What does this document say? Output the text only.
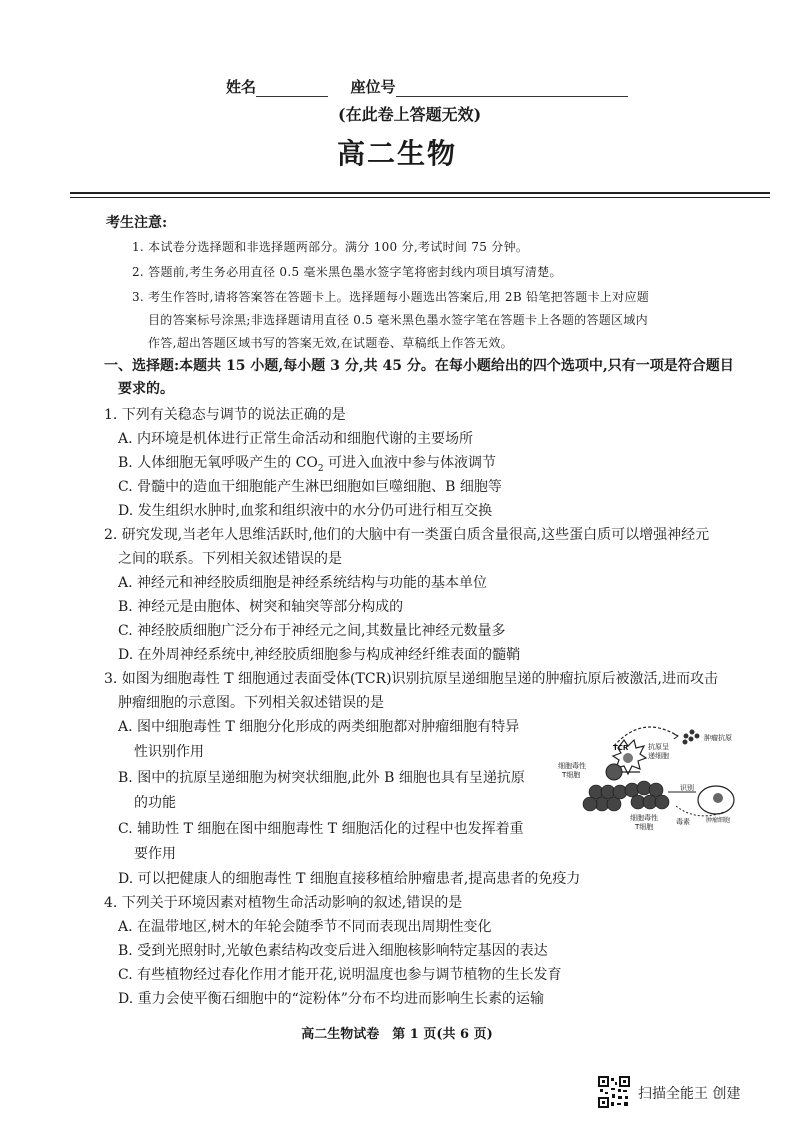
姓名	座位号
(在此卷上答题无效)
高二生物
考生注意:
1. 本试卷分选择题和非选择题两部分。满分 100 分,考试时间 75 分钟。
2. 答题前,考生务必用直径 0.5 毫米黑色墨水签字笔将密封线内项目填写清楚。
3. 考生作答时,请将答案答在答题卡上。选择题每小题选出答案后,用 2B 铅笔把答题卡上对应题
目的答案标号涂黑;非选择题请用直径 0.5 毫米黑色墨水签字笔在答题卡上各题的答题区域内
作答,超出答题区域书写的答案无效,在试题卷、草稿纸上作答无效。
一、选择题:本题共 15 小题,每小题 3 分,共 45 分。在每小题给出的四个选项中,只有一项是符合题目
要求的。
1. 下列有关稳态与调节的说法正确的是
A. 内环境是机体进行正常生命活动和细胞代谢的主要场所
B. 人体细胞无氧呼吸产生的 $CO_2$ 可进入血液中参与体液调节
C. 骨髓中的造血干细胞能产生淋巴细胞如巨噬细胞、B 细胞等
D. 发生组织水肿时,血浆和组织液中的水分仍可进行相互交换
2. 研究发现,当老年人思维活跃时,他们的大脑中有一类蛋白质含量很高,这些蛋白质可以增强神经元
之间的联系。下列相关叙述错误的是
A. 神经元和神经胶质细胞是神经系统结构与功能的基本单位
B. 神经元是由胞体、树突和轴突等部分构成的
C. 神经胶质细胞广泛分布于神经元之间,其数量比神经元数量多
D. 在外周神经系统中,神经胶质细胞参与构成神经纤维表面的髓鞘
3. 如图为细胞毒性 T 细胞通过表面受体(TCR)识别抗原呈递细胞呈递的肿瘤抗原后被激活,进而攻击
肿瘤细胞的示意图。下列相关叙述错误的是
A. 图中细胞毒性 T 细胞分化形成的两类细胞都对肿瘤细胞有特异
性识别作用
B. 图中的抗原呈递细胞为树突状细胞,此外 B 细胞也具有呈递抗原
的功能
C. 辅助性 T 细胞在图中细胞毒性 T 细胞活化的过程中也发挥着重
要作用
D. 可以把健康人的细胞毒性 T 细胞直接移植给肿瘤患者,提高患者的免疫力
肿瘤抗原
TCR	抗原呈
递细胞
细胞毒性
T细胞
识别
肿瘤细胞
细胞毒性
T细胞
毒素
4. 下列关于环境因素对植物生命活动影响的叙述,错误的是
A. 在温带地区,树木的年轮会随季节不同而表现出周期性变化
B. 受到光照射时,光敏色素结构改变后进入细胞核影响特定基因的表达
C. 有些植物经过春化作用才能开花,说明温度也参与调节植物的生长发育
D. 重力会使平衡石细胞中的“淀粉体”分布不均进而影响生长素的运输
高二生物试卷　第 1 页(共 6 页)
扫描全能王 创建
